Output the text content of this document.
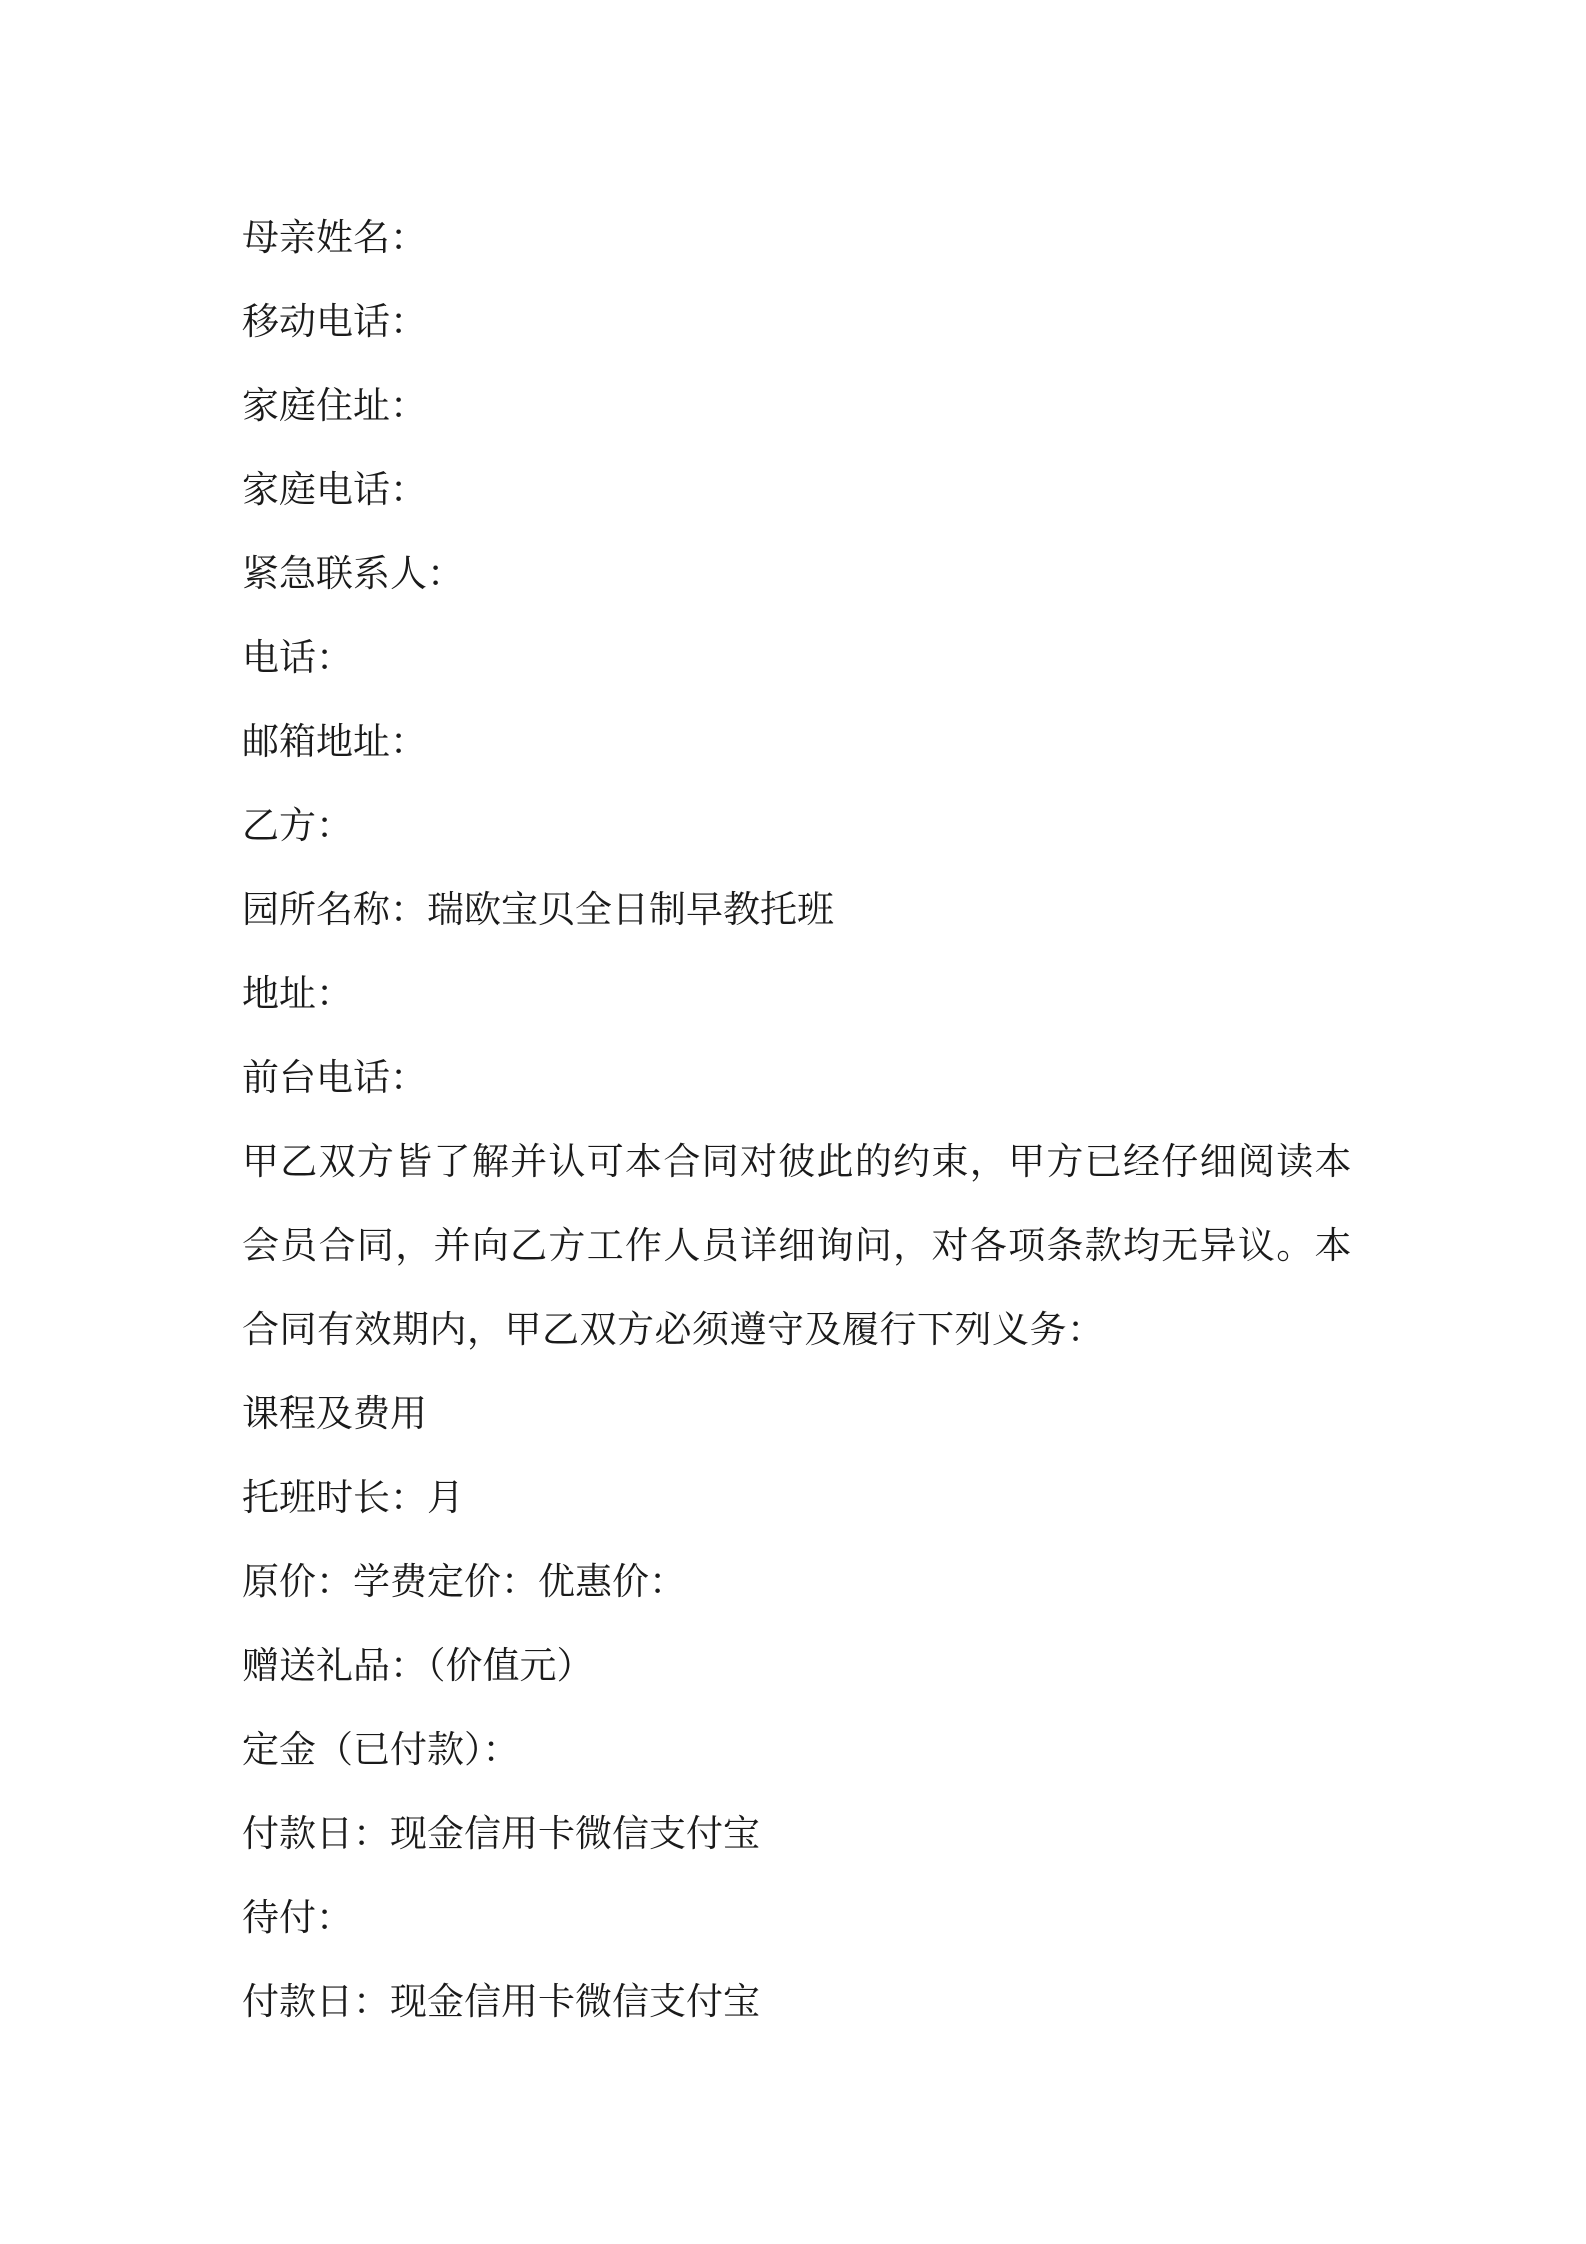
母亲姓名：
移动电话：
家庭住址：
家庭电话：
紧急联系人：
电话：
邮箱地址：
乙方：
园所名称：瑞欧宝贝全日制早教托班
地址：
前台电话：
甲乙双方皆了解并认可本合同对彼此的约束，甲方已经仔细阅读本会员合同，并向乙方工作人员详细询问，对各项条款均无异议。本合同有效期内，甲乙双方必须遵守及履行下列义务：
课程及费用
托班时长：月
原价：学费定价：优惠价：
赠送礼品：（价值元）
定金（已付款）：
付款日：现金信用卡微信支付宝
待付：
付款日：现金信用卡微信支付宝
